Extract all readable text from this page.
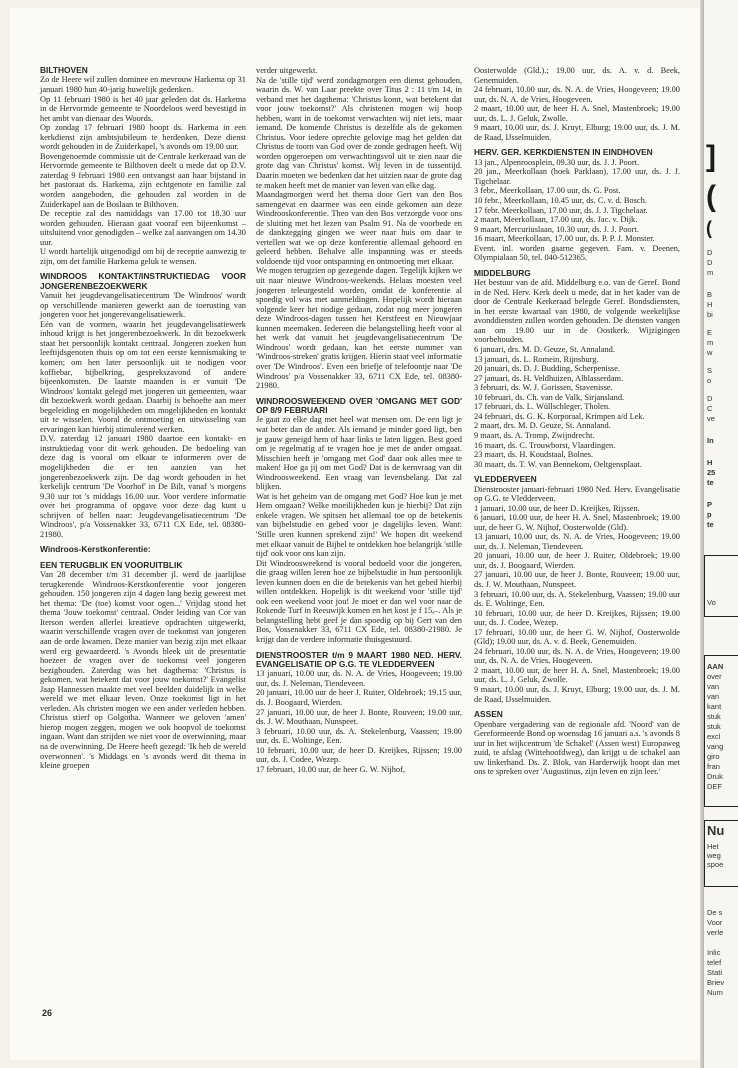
BILTHOVEN

Zo de Heere wil zullen dominee en mevrouw Harkema op 31 januari 1980 hun 40-jarig huwelijk gedenken.

Op 11 februari 1980 is het 40 jaar geleden dat ds. Harkema in de Hervormde gemeente te Noordeloos werd bevestigd in het ambt van dienaar des Woords.

Op zondag 17 februari 1980 hoopt ds. Harkema in een kerkdienst zijn ambtsjubileum te herdenken. Deze dienst wordt gehouden in de Zuiderkapel, 's avonds om 19.00 uur.

Bovengenoemde commissie uit de Centrale kerkeraad van de Hervormde gemeente te Bilthoven deelt u mede dat op D.V. zaterdag 9 februari 1980 een ontvangst aan haar bijstand in het pastoraat ds. Harkema, zijn echtgenote en familie zal worden aangeboden, die gehouden zal worden in de Zuiderkapel aan de Boslaan te Bilthoven.

De receptie zal des namiddags van 17.00 tot 18.30 uur worden gehouden. Hieraan gaat vooraf een bijeenkomst – uitsluitend voor genodigden – welke zal aanvangen om 14.30 uur.

U wordt hartelijk uitgenodigd om bij de receptie aanwezig te zijn, om det familie Harkema geluk te wensen.

WINDROOS KONTAKT/INSTRUKTIEDAG VOOR JONGERENBEZOEKWERK

Vanuit het jeugdevangelisatiecentrum 'De Windroos' wordt op verschillende manieren gewerkt aan de toerusting van jongeren voor het jongerevangelisatiewerk.

Eén van de vormen, waarin het jeugdevangelisatiewerk inhoud krijgt is het jongerenbezoekwerk. In dit bezoekwerk staat het persoonlijk kontakt centraal. Jongeren zoeken hun leeftijdsgenoten thuis op om tot een eerste kennismaking te komen; om hen later persoonlijk uit te nodigen voor koffiebar, bijbelkring, gesprekszavond of andere bijeenkomsten. De laatste maanden is er vanuit 'De Windroos' kontakt gelegd met jongeren uit gemeenten, waar dit bezoekwerk wordt gedaan. Daarbij is behoefte aan meer begeleiding en mogelijkheden om mogelijkheden en kontakt uit te wisselen. Vooral de ontmoeting en uitwisseling van ervaringen kan hierbij stimulerend werken.

D.V. zaterdag 12 januari 1980 daartoe een kontakt- en instruktiedag voor dit werk gehouden. De bedoeling van deze dag is vooral om elkaar te informeren over de mogelijkheden die er ten aanzien van het jongerenbezoekwerk zijn. De dag wordt gehouden in het kerkelijk centrum 'De Voorhof' in De Bilt, vanaf 's morgens 9.30 uur tot 's middags 16.00 uur. Voor verdere informatie over het programma of opgave voor deze dag kunt u schrijven of bellen naar: Jeugdevangelisatiecentrum 'De Windroos', p/a Vossenakker 33, 6711 CX Ede, tel. 08380-21980.

Windroos-Kerstkonferentie:
EEN TERUGBLIK EN VOORUITBLIK

Van 28 december t/m 31 december jl. werd de jaarlijkse terugkerende Windroos-Kerstkonferentie voor jongeren gehouden. 150 jongeren zijn 4 dagen lang bezig geweest met het thema: 'De (toe) komst voor ogen...' Vrijdag stond het thema 'Jouw toekomst' centraal. Onder leiding van Cor van Iterson werden allerlei kreatieve opdrachten uitgewerkt, waarin verschillende vragen over de toekomst van jongeren aan de orde kwamen. Deze manier van bezig zijn met elkaar werd erg gewaardeerd. 's Avonds bleek uit de presentatie hoezeer de vragen over de toekomst veel jongeren bezighouden. Zaterdag was het dagthema: 'Christus is gekomen, wat betekent dat voor jouw toekomst?' Evangelist Jaap Hannessen maakte met veel beelden duidelijk in welke wereld we met elkaar leven. Onze toekomst ligt in het verleden. Als christen mogen we een ander verleden hebben. Christus stierf op Golgotha. Wanneer we geloven 'amen' hierop mogen zeggen, mogen we ook hoopvol de toekomst ingaan. Want dan strijden we niet voor de overwinning, maar na de overwinning. De Heere heeft gezegd: 'Ik heb de wereld overwonnen'. 's Middags en 's avonds werd dit thema in kleine groepen

verder uitgewerkt.

Na de 'stille tijd' werd zondagmorgen een dienst gehouden, waarin ds. W. van Laar preekte over Titus 2 : 11 t/m 14, in verband met het dagthema: 'Christus komt, wat betekent dat voor jouw toekomst?' Als christenen mogen wij hoop hebben, want in de toekomst verwachten wij niet iets, maar iemand. De komende Christus is dezelfde als de gekomen Christus. Voor iedere oprechte gelovige mag het gelden dat Christus de toorn van God over de zonde gedragen heeft. Wij worden opgeroepen om verwachtingsvol uit te zien naar die grote dag van Christus' komst. Wij leven in de tussentijd. Daarin moeten we bedenken dat het uitzien naar de grote dag te maken heeft met de manier van leven van elke dag.

Maandagmorgen werd het thema door Gert van den Bos samengevat en daarmee was een einde gekomen aan deze Windrooskonferentie. Theo van den Bos verzorgde voor ons de sluiting met het lezen van Psalm 91. Na de voorbede en de dankzegging gingen we weer naar huis om daar te vertellen wat we op deze konferentie allemaal gehoord en geleerd hebben. Behalve alle inspanning was er steeds voldoende tijd voor ontspanning en ontmoeting met elkaar.

We mogen terugzien op gezegende dagen. Tegelijk kijken we uit naar nieuwe Windroos-weekends. Helaas moesten veel jongeren teleurgesteld worden, omdat de konferentie al spoedig vol was met aanmeldingen. Hopelijk wordt hieraan volgende keer het nodige gedaan, zodat nog meer jongeren deze Windroos-dagen tussen het Kerstfeest en Nieuwjaar kunnen meemaken. Iedereen die belangstelling heeft voor al het werk dat vanuit het jeugdevangelisatiecentrum 'De Windroos' wordt gedaan, kan het eerste nummer van 'Windroos-streken' gratis krijgen. Hierin staat veel informatie over 'De Windroos'. Even een briefje of telefoontje naar 'De Windroos' p/a Vossenakker 33, 6711 CX Ede, tel. 08380-21980.

WINDROOSWEEKEND OVER 'OMGANG MET GOD' OP 8/9 FEBRUARI

Je gaat zo elke dag met heel wat mensen om. De een ligt je wat beter dan de ander. Als iemand je minder goed ligt, ben je gauw geneigd hem of haar links te laten liggen. Best goed om je regelmatig af te vragen hoe je met de ander omgaat. Misschien heeft je 'omgang met God' daar ook alles mee te maken! Hoe ga jij om met God? Dat is de kernvraag van dit Windroosweekend. Een vraag van levensbelang. Dat zal blijken.

Wat is het geheim van de omgang met God? Hoe kun je met Hem omgaan? Welke moeilijkheden kun je hierbij? Dat zijn enkele vragen. We spitsen het allemaal toe op de betekenis van bijbelstudie en gebed voor je dagelijks leven. Want: 'Stille uren kunnen sprekend zijn!' We hopen dit weekend met elkaar vanuit de Bijbel te ontdekken hoe belangrijk 'stille tijd' ook voor ons kan zijn.

Dit Windroosweekend is vooral bedoeld voor die jongeren, die graag willen leren hoe ze bijbelstudie in hun persoonlijk leven kunnen doen en die de betekenis van het gebed hierbij willen ontdekken. Hopelijk is dit weekend voor 'stille tijd' ook een weekend voor jou! Je moet er dan wel voor naar de Rokende Turf in Reeuwijk komen en het kost je f 15,–. Als je belangstelling hebt geef je dan spoedig op bij Gert van den Bos, Vossenakker 33, 6711 CX Ede, tel. 08380-21980. Je krijgt dan de verdere informatie thuisgestuurd.

DIENSTROOSTER t/m 9 MAART 1980 NED. HERV. EVANGELISATIE OP G.G. TE VLEDDERVEEN

13 januari, 10.00 uur, ds. N. A. de Vries, Hoogeveen; 19.00 uur, ds. J. Neleman, Tiendeveen.

20 januari, 10.00 uur de heer J. Ruiter, Oldebroek; 19.15 uur, ds. J. Boogaard, Wierden.

27 januari, 10.00 uur, de heer J. Bonte, Rouveen; 19.00 uur, ds. J. W. Mouthaan, Nunspeet.

3 februari, 10.00 uur, ds. A. Stekelenburg, Vaassen; 19.00 uur, ds. E. Woltinge, Een.

10 februari, 10.00 uur, de heer D. Kreijkes, Rijssen; 19.00 uur, ds. J. Codee, Wezep.

17 februari, 10.00 uur, de heer G. W. Nijhof,

Oosterwolde (Gld.).; 19.00 uur, ds. A. v. d. Beek, Genemuiden.

24 februari, 10.00 uur, ds. N. A. de Vries, Hoogeveen; 19.00 uur, ds. N. A. de Vries, Hoogeveen.

2 maart, 10.00 uur, de heer H. A. Snel, Mastenbroek; 19.00 uur, ds. L. J. Geluk, Zwolle.

9 maart, 10.00 uur, ds. J. Kruyt, Elburg; 19.00 uur, ds. J. M. de Raad, IJsselmuiden.

HERV. GER. KERKDIENSTEN IN EINDHOVEN

13 jan., Alpenroosplein, 09.30 uur, ds. J. J. Poort.

20 jan., Meerkollaan (hoek Parklaan), 17.00 uur, ds. J. J. Tigchelaar.

3 febr., Meerkollaan, 17.00 uur, ds. G. Post.

10 febr., Meerkollaan, 10.45 uur, ds. C. v. d. Bosch.

17 febr. Meerkollaan, 17.00 uur, ds. J. J. Tigchelaar.

2 maart, Meerkollaan, 17.00 uur, ds. Jac. v. Dijk.

9 maart, Mercuriuslaan, 10.30 uur, ds. J. J. Poort.

16 maart, Meerkollaan, 17.00 uur, ds. P. P. J. Monster.

Event. inl. worden gaarne gegeven. Fam. v. Deenen, Olympialaan 50, tel. 040-512365.

MIDDELBURG

Het bestuur van de afd. Middelburg e.o. van de Geref. Bond in de Ned. Herv. Kerk deelt u mede, dat in het kader van de door de Centrale Kerkeraad belegde Geref. Bondsdiensten, in het eerste kwartaal van 1980, de volgende weekelijkse avonddiensten zullen worden gehouden. De diensten vangen aan om 19.00 uur in de Oostkerk. Wijzigingen voorbehouden.

6 januari, drs. M. D. Geuze, St. Annaland.

13 januari, ds. L. Romein, Rijnsburg.

20 januari, ds. D. J. Budding, Scherpenisse.

27 januari, ds. H. Veldhuizen, Alblasserdam.

3 februari, ds. W. J. Gorissen, Stavenisse.

10 februari, ds. Ch. van de Valk, Sirjansland.

17 februari, ds. L. Wüllschleger, Tholen.

24 februari, ds. G. K. Korporaal, Krimpen a/d Lek.

2 maart, drs. M. D. Geuze, St. Annaland.

9 maart, ds. A. Tromp, Zwijndrecht.

16 maart, ds. C. Trouwborst, Vlaardingen.

23 maart, ds. H. Koudstaal, Bolnes.

30 maart, ds. T. W. van Bennekom, Oeltgensplaat.

VLEDDERVEEN

Dienstrooster januari-februari 1980 Ned. Herv. Evangelisatie op G.G. te Vledderveen.

1 januari, 10.00 uur, de heer D. Kreijkes, Rijssen.

6 januari, 10.00 uur, de heer H. A. Snel, Mastenbroek; 19.00 uur, de heer G. W. Nijhof, Oosterwolde (Gld).

13 januari, 10.00 uur, ds. N. A. de Vries, Hoogeveen; 19.00 uur, ds. J. Neleman, Tiendeveen.

20 januari, 10.00 uur, de heer J. Ruiter, Oldebroek; 19.00 uur, ds. J. Boogaard, Wierden.

27 januari, 10.00 uur, de heer J. Bonte, Rouveen; 19.00 uur, ds. J. W. Mouthaan, Nunspeet.

3 februari, 10.00 uur, ds. A. Stekelenburg, Vaassen; 19.00 uur ds. E. Woltinge, Een.

10 februari, 10.00 uur, de heer D. Kreijkes, Rijssen; 19.00 uur, ds. J. Codee, Wezep.

17 februari, 10.00 uur, de heer G. W. Nijhof, Oosterwolde (Gld); 19.00 uur, ds. A. v. d. Beek, Genemuiden.

24 februari, 10.00 uur, ds. N. A. de Vries, Hoogeveen; 19.00 uur, ds. N. A. de Vries, Hoogeveen.

2 maart, 10.00 uur, de heer H. A. Snel, Mastenbroek; 19.00 uur, ds. L. J. Geluk, Zwolle.

9 maart, 10.00 uur, ds. J. Kruyt, Elburg; 19.00 uur, ds. J. M. de Raad, IJsselmuiden.

ASSEN

Openbare vergadering van de regionale afd. 'Noord' van de Gereformeerde Bond op woensdag 16 januari a.s. 's avonds 8 uur in het wijkcentrum 'de Schakel' (Assen west) Europaweg zuid, te afslag (Wittehoofdweg), dan krijgt u de schakel aan uw linkerhand. Ds. Z. Blok, van Harderwijk hoopt dan met ons te spreken over 'Augustinus, zijn leven en zijn leer.'

26
]
(
(
D
D
m
B
H
bi
E
m
w
S
o
D
C
ve
In
H
25
te
P
p
te
Vo
AAN
over
van
van
kant
stuk
stuk
excl
vang
giro
fran
Druk
DEF
Nu
Het
weg
spoe
De s
Voor
verle
Inlic
telef
Stati
Briev
Num
